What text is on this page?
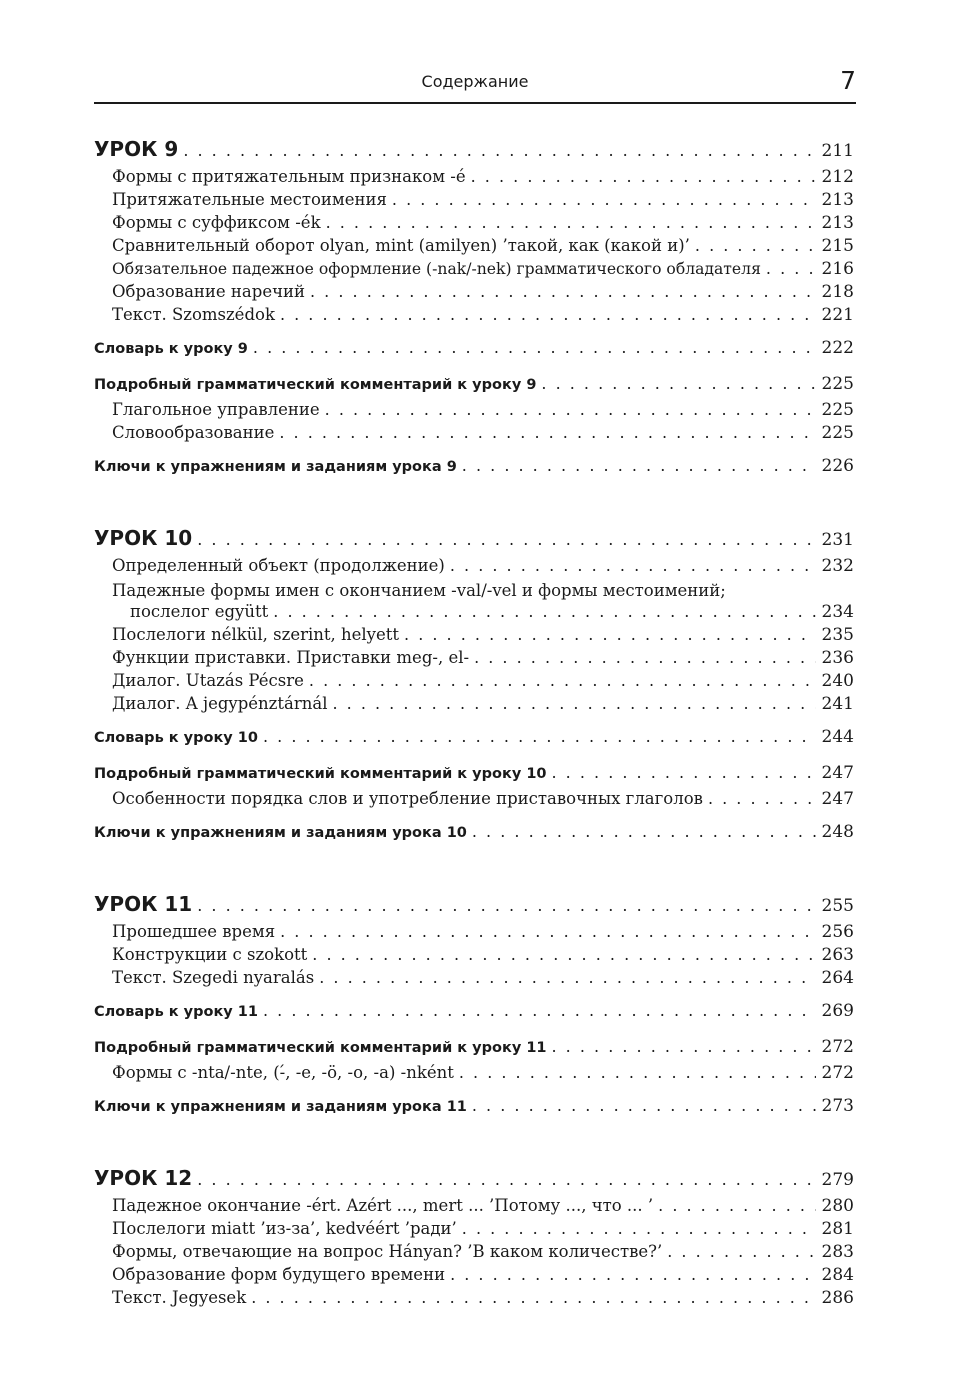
Содержание	7
УРОК 9 . . .	211
Формы с притяжательным признаком -é . . .	212
Притяжательные местоимения . . .	213
Формы с суффиксом -ék . . .	213
Сравнительный оборот olyan, mint (amilyen) ’такой, как (какой и)’ . . .	215
Обязательное падежное оформление (-nak/-nek) грамматического обладателя . . .	216
Образование наречий . . .	218
Текст. Szomszédok . . .	221
Словарь к уроку 9 . . .	222
Подробный грамматический комментарий к уроку 9 . . .	225
Глагольное управление . . .	225
Словообразование . . .	225
Ключи к упражнениям и заданиям урока 9 . . .	226
УРОК 10 . . .	231
Определенный объект (продолжение) . . .	232
Падежные формы имен с окончанием -val/-vel и формы местоимений;
послелог együtt . . .	234
Послелоги nélkül, szerint, helyett . . .	235
Функции приставки. Приставки meg-, el- . . .	236
Диалог. Utazás Pécsre . . .	240
Диалог. A jegypénztárnál . . .	241
Словарь к уроку 10 . . .	244
Подробный грамматический комментарий к уроку 10 . . .	247
Особенности порядка слов и употребление приставочных глаголов . . .	247
Ключи к упражнениям и заданиям урока 10 . . .	248
УРОК 11 . . .	255
Прошедшее время . . .	256
Конструкции с szokott . . .	263
Текст. Szegedi nyaralás . . .	264
Словарь к уроку 11 . . .	269
Подробный грамматический комментарий к уроку 11 . . .	272
Формы с -nta/-nte, (-́, -e, -ö, -o, -a) -nként . . .	272
Ключи к упражнениям и заданиям урока 11 . . .	273
УРОК 12 . . .	279
Падежное окончание -ért. Azért ..., mert ... ’Потому ..., что ... ’ . . .	280
Послелоги miatt ’из-за’, kedvéért ’ради’ . . .	281
Формы, отвечающие на вопрос Hányan? ’В каком количестве?’ . . .	283
Образование форм будущего времени . . .	284
Текст. Jegyesek . . .	286
